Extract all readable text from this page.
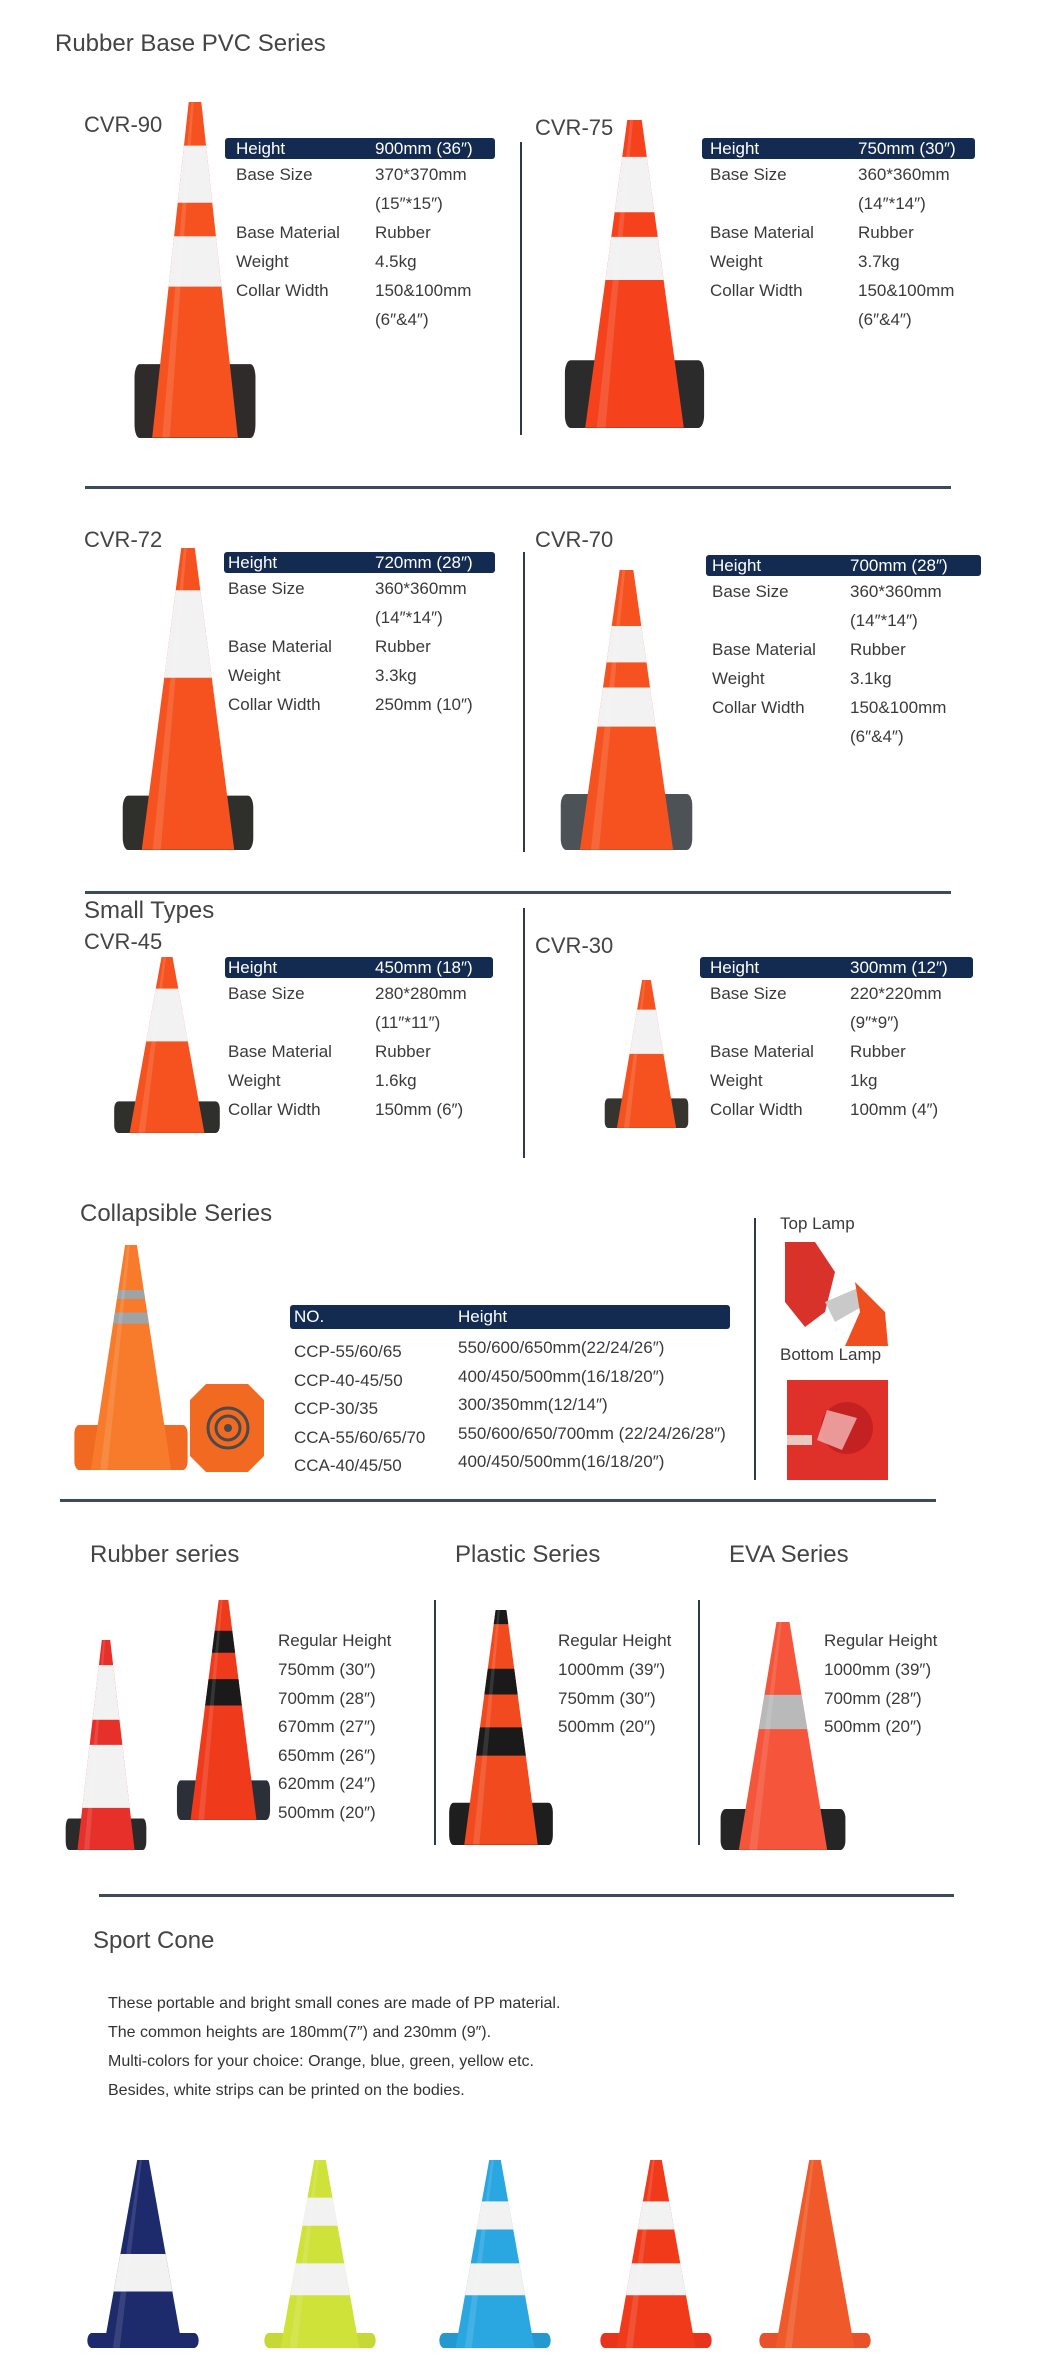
Rubber Base PVC Series
CVR-90	CVR-75
CVR-72	CVR-70
Small Types
CVR-45	CVR-30
Height	900mm (36″)
Base Size	370*370mm
(15″*15″)
Base Material Rubber
Weight	4.5kg
Collar Width	150&100mm
(6″&4″)
Height	750mm (30″)
Base Size	360*360mm
(14″*14″)
Base Material	Rubber
Weight	3.7kg
Collar Width	150&100mm
(6″&4″)
Height	720mm (28″)
Base Size	360*360mm
(14″*14″)
Base Material	Rubber
Weight	3.3kg
Collar Width	250mm (10″)
Height	700mm (28″)
Base Size	360*360mm
(14″*14″)
Base Material Rubber
Weight	3.1kg
Collar Width	150&100mm
(6″&4″)
Height	450mm (18″)
Base Size	280*280mm
(11″*11″)
Base Material	Rubber
Weight	1.6kg
Collar Width	150mm (6″)
Height	300mm (12″)
Base Size	220*220mm
(9″*9″)
Base Material Rubber
Weight	1kg
Collar Width	100mm (4″)
Collapsible Series
NO.	Height
CCP-55/60/65	550/600/650mm(22/24/26″)
CCP-40-45/50	400/450/500mm(16/18/20″)
CCP-30/35	300/350mm(12/14″)
CCA-55/60/65/70 550/600/650/700mm (22/24/26/28″)
CCA-40/45/50	400/450/500mm(16/18/20″)
Top Lamp
Bottom Lamp
Rubber series	Plastic Series	EVA Series
Regular Height
750mm (30″)
700mm (28″)
670mm (27″)
650mm (26″)
620mm (24″)
500mm (20″)
Regular Height
1000mm (39″)
750mm (30″)
500mm (20″)
Regular Height
1000mm (39″)
700mm (28″)
500mm (20″)
Sport Cone
These portable and bright small cones are made of PP material.
The common heights are 180mm(7″) and 230mm (9″).
Multi-colors for your choice: Orange, blue, green, yellow etc.
Besides, white strips can be printed on the bodies.
